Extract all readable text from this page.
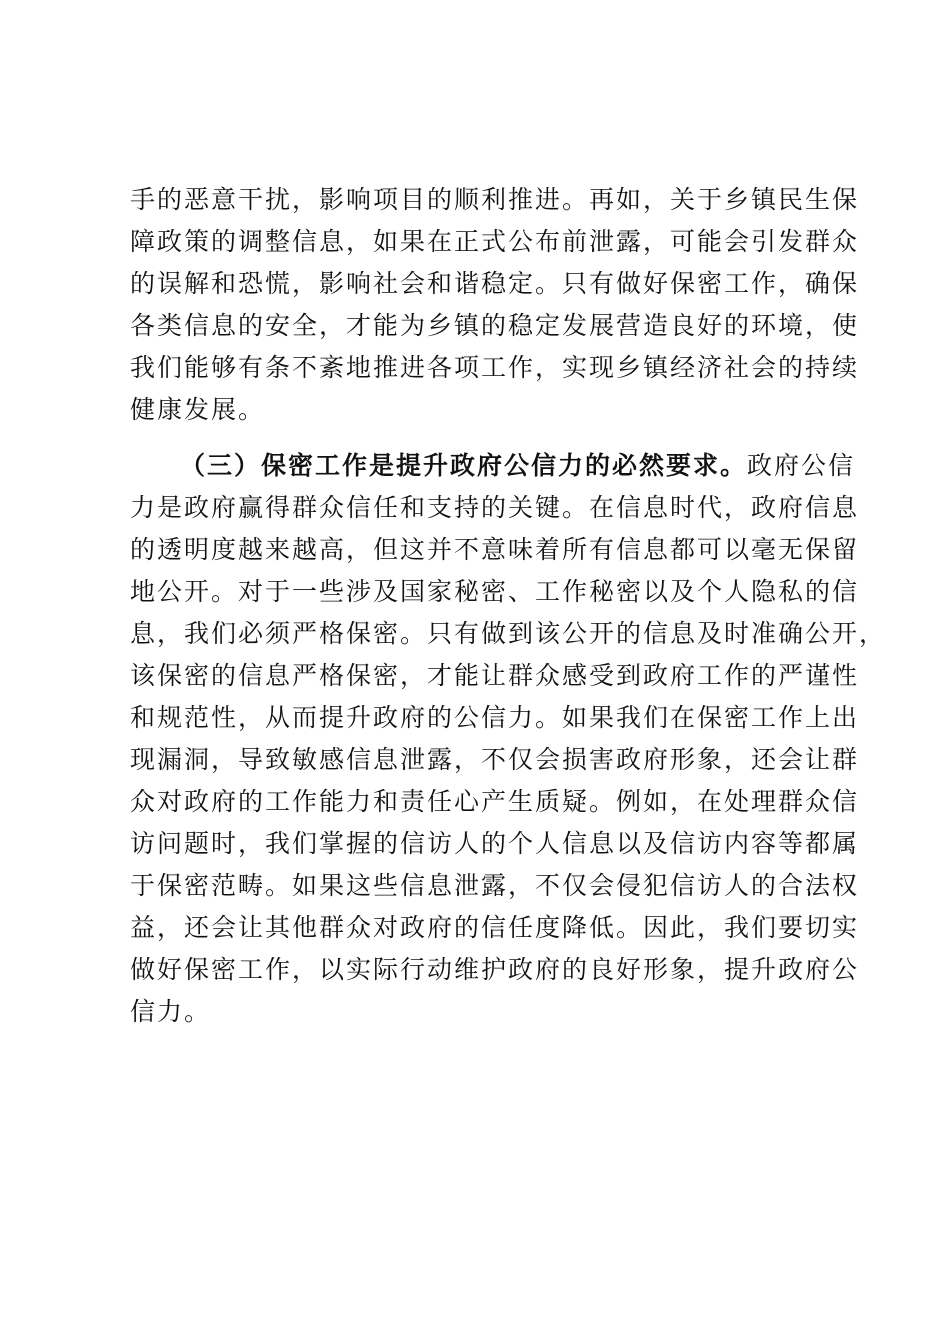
手的恶意干扰，影响项目的顺利推进。再如，关于乡镇民生保
障政策的调整信息，如果在正式公布前泄露，可能会引发群众
的误解和恐慌，影响社会和谐稳定。只有做好保密工作，确保
各类信息的安全，才能为乡镇的稳定发展营造良好的环境，使
我们能够有条不紊地推进各项工作，实现乡镇经济社会的持续
健康发展。
（三）保密工作是提升政府公信力的必然要求。政府公信
力是政府赢得群众信任和支持的关键。在信息时代，政府信息
的透明度越来越高，但这并不意味着所有信息都可以毫无保留
地公开。对于一些涉及国家秘密、工作秘密以及个人隐私的信
息，我们必须严格保密。只有做到该公开的信息及时准确公开，
该保密的信息严格保密，才能让群众感受到政府工作的严谨性
和规范性，从而提升政府的公信力。如果我们在保密工作上出
现漏洞，导致敏感信息泄露，不仅会损害政府形象，还会让群
众对政府的工作能力和责任心产生质疑。例如，在处理群众信
访问题时，我们掌握的信访人的个人信息以及信访内容等都属
于保密范畴。如果这些信息泄露，不仅会侵犯信访人的合法权
益，还会让其他群众对政府的信任度降低。因此，我们要切实
做好保密工作，以实际行动维护政府的良好形象，提升政府公
信力。
